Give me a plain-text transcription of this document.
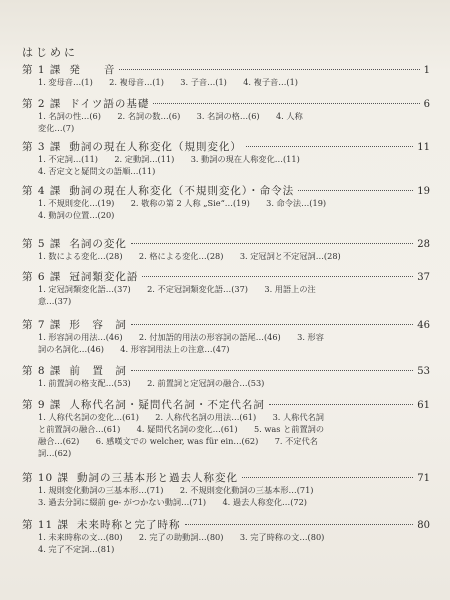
はじめに
第 1 課 発　　音	1
1. 変母音…(1)　　2. 複母音…(1)　　3. 子音…(1)　　4. 複子音…(1)
第 2 課 ドイツ語の基礎	6
1. 名詞の性…(6)　　2. 名詞の数…(6)　　3. 名詞の格…(6)　　4. 人称
変化…(7)
第 3 課 動詞の現在人称変化（規則変化）	11
1. 不定詞…(11)　　2. 定動詞…(11)　　3. 動詞の現在人称変化…(11)
4. 否定文と疑問文の語順…(11)
第 4 課 動詞の現在人称変化（不規則変化）・命令法	19
1. 不規則変化…(19)　　2. 敬称の第 2 人称 „Sie“…(19)　　3. 命令法…(19)
4. 動詞の位置…(20)
第 5 課 名詞の変化	28
1. 数による変化…(28)　　2. 格による変化…(28)　　3. 定冠詞と不定冠詞…(28)
第 6 課 冠詞類変化語	37
1. 定冠詞類変化語…(37)　　2. 不定冠詞類変化語…(37)　　3. 用語上の注
意…(37)
第 7 課 形　容　詞	46
1. 形容詞の用法…(46)　　2. 付加語的用法の形容詞の語尾…(46)　　3. 形容
詞の名詞化…(46)　　4. 形容詞用法上の注意…(47)
第 8 課 前　置　詞	53
1. 前置詞の格支配…(53)　　2. 前置詞と定冠詞の融合…(53)
第 9 課 人称代名詞・疑問代名詞・不定代名詞	61
1. 人称代名詞の変化…(61)　　2. 人称代名詞の用法…(61)　　3. 人称代名詞
と前置詞の融合…(61)　　4. 疑問代名詞の変化…(61)　　5. was と前置詞の
融合…(62)　　6. 感嘆文での welcher, was für ein…(62)　　7. 不定代名
詞…(62)
第 10 課 動詞の三基本形と過去人称変化	71
1. 規則変化動詞の三基本形…(71)　　2. 不規則変化動詞の三基本形…(71)
3. 過去分詞に綴前 ge- がつかない動詞…(71)　　4. 過去人称変化…(72)
第 11 課 未来時称と完了時称	80
1. 未来時称の文…(80)　　2. 完了の助動詞…(80)　　3. 完了時称の文…(80)
4. 完了不定詞…(81)
